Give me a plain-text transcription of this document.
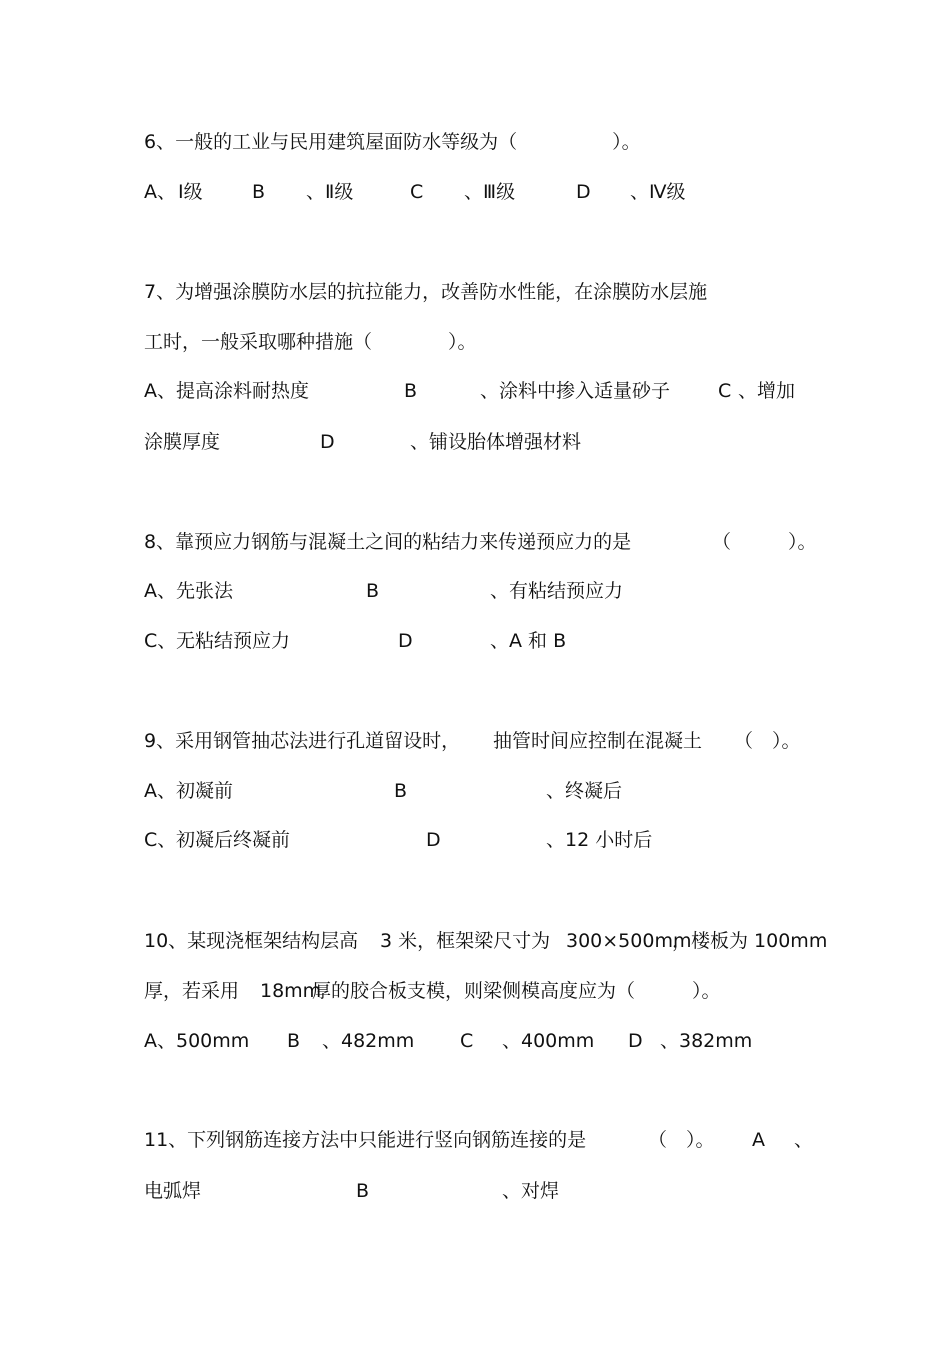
6、一般的工业与民用建筑屋面防水等级为（　　　　　）。
A、 Ⅰ级	B 、Ⅱ级	C 、Ⅲ级	D 、Ⅳ级
7、为增强涂膜防水层的抗拉能力，改善防水性能，在涂膜防水层施
工时，一般采取哪种措施（　　　　）。
A、 提高涂料耐热度	B	、涂料中掺入适量砂子	C 、增加
涂膜厚度	D	、铺设胎体增强材料
8、靠预应力钢筋与混凝土之间的粘结力来传递预应力的是	（　　　）。
A、 先张法	B	、有粘结预应力
C、 无粘结预应力	D	、A 和 B
9、采用钢管抽芯法进行孔道留设时， 抽管时间应控制在混凝土 （　）。
A、 初凝前	B	、终凝后
C、 初凝后终凝前	D	、12 小时后
10、某现浇框架结构层高 3 米，框架梁尺寸为 300×500mm
，楼板为 100mm
厚，若采用 18mm
厚的胶合板支模，则梁侧模高度应为（　　　）。
A、 500mm B 、482mm C 、400mm D 、382mm
11、下列钢筋连接方法中只能进行竖向钢筋连接的是	（　）。 A 、
电弧焊	B	、对焊
